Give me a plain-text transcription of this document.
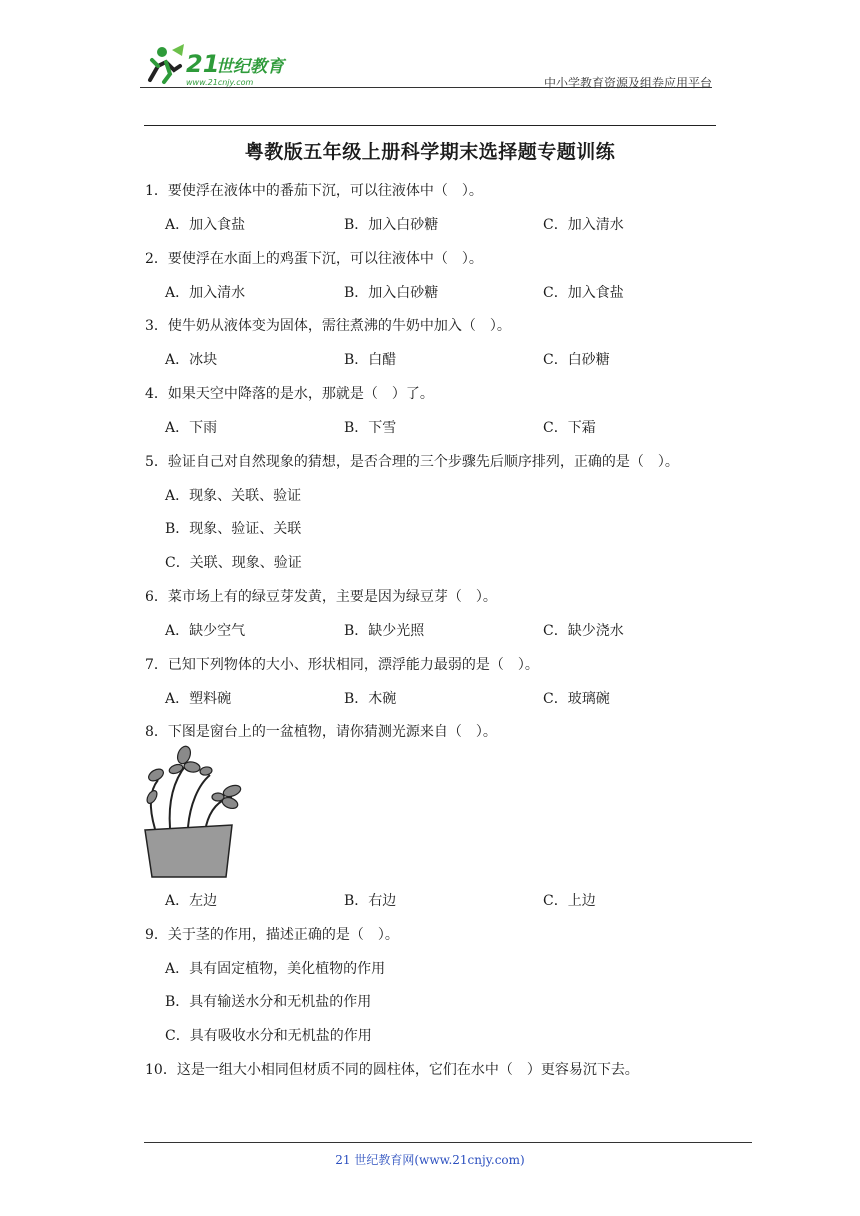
21
世纪教育
www.21cnjy.com	中小学教育资源及组卷应用平台
粤教版五年级上册科学期末选择题专题训练
1．要使浮在液体中的番茄下沉，可以往液体中（　）。
A．加入食盐	B．加入白砂糖	C．加入清水
2．要使浮在水面上的鸡蛋下沉，可以往液体中（　）。
A．加入清水	B．加入白砂糖	C．加入食盐
3．使牛奶从液体变为固体，需往煮沸的牛奶中加入（　）。
A．冰块	B．白醋	C．白砂糖
4．如果天空中降落的是水，那就是（　）了。
A．下雨	B．下雪	C．下霜
5．验证自己对自然现象的猜想，是否合理的三个步骤先后顺序排列，正确的是（　）。
A．现象、关联、验证
B．现象、验证、关联
C．关联、现象、验证
6．菜市场上有的绿豆芽发黄，主要是因为绿豆芽（　）。
A．缺少空气	B．缺少光照	C．缺少浇水
7．已知下列物体的大小、形状相同，漂浮能力最弱的是（　）。
A．塑料碗	B．木碗	C．玻璃碗
8．下图是窗台上的一盆植物，请你猜测光源来自（　）。
A．左边	B．右边	C．上边
9．关于茎的作用，描述正确的是（　）。
A．具有固定植物，美化植物的作用
B．具有输送水分和无机盐的作用
C．具有吸收水分和无机盐的作用
10．这是一组大小相同但材质不同的圆柱体，它们在水中（　）更容易沉下去。
21 世纪教育网(www.21cnjy.com)
